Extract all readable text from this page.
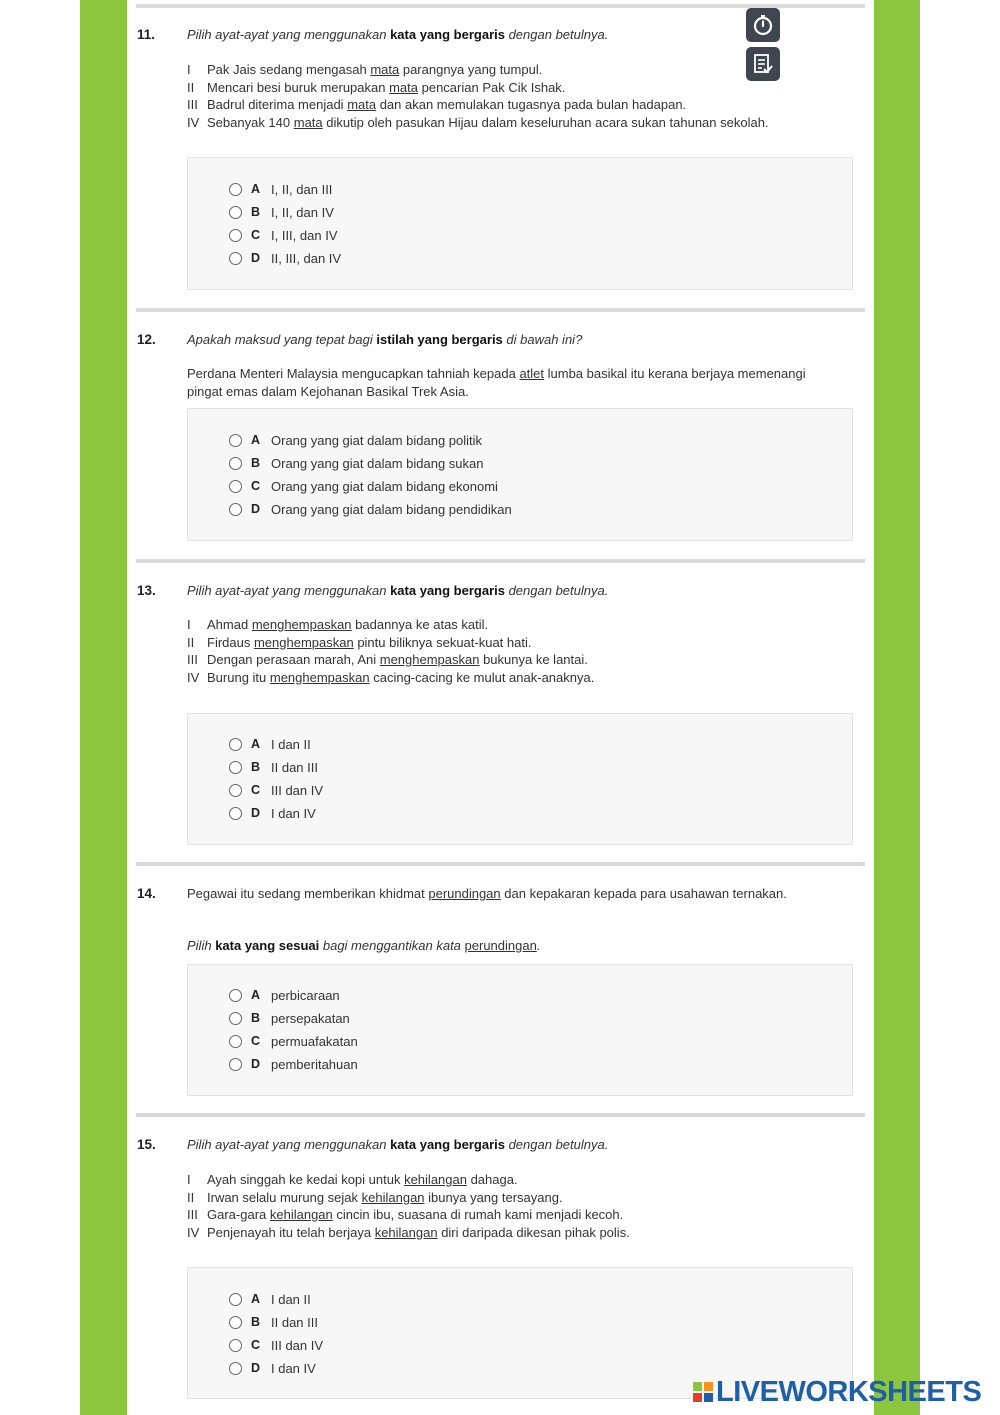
11. Pilih ayat-ayat yang menggunakan kata yang bergaris dengan betulnya.
I Pak Jais sedang mengasah mata parangnya yang tumpul.
II Mencari besi buruk merupakan mata pencarian Pak Cik Ishak.
III Badrul diterima menjadi mata dan akan memulakan tugasnya pada bulan hadapan.
IV Sebanyak 140 mata dikutip oleh pasukan Hijau dalam keseluruhan acara sukan tahunan sekolah.
A I, II, dan III
B I, II, dan IV
C I, III, dan IV
D II, III, dan IV
12. Apakah maksud yang tepat bagi istilah yang bergaris di bawah ini?
Perdana Menteri Malaysia mengucapkan tahniah kepada atlet lumba basikal itu kerana berjaya memenangi pingat emas dalam Kejohanan Basikal Trek Asia.
A Orang yang giat dalam bidang politik
B Orang yang giat dalam bidang sukan
C Orang yang giat dalam bidang ekonomi
D Orang yang giat dalam bidang pendidikan
13. Pilih ayat-ayat yang menggunakan kata yang bergaris dengan betulnya.
I Ahmad menghempaskan badannya ke atas katil.
II Firdaus menghempaskan pintu biliknya sekuat-kuat hati.
III Dengan perasaan marah, Ani menghempaskan bukunya ke lantai.
IV Burung itu menghempaskan cacing-cacing ke mulut anak-anaknya.
A I dan II
B II dan III
C III dan IV
D I dan IV
14. Pegawai itu sedang memberikan khidmat perundingan dan kepakaran kepada para usahawan ternakan.
Pilih kata yang sesuai bagi menggantikan kata perundingan.
A perbicaraan
B persepakatan
C permuafakatan
D pemberitahuan
15. Pilih ayat-ayat yang menggunakan kata yang bergaris dengan betulnya.
I Ayah singgah ke kedai kopi untuk kehilangan dahaga.
II Irwan selalu murung sejak kehilangan ibunya yang tersayang.
III Gara-gara kehilangan cincin ibu, suasana di rumah kami menjadi kecoh.
IV Penjenayah itu telah berjaya kehilangan diri daripada dikesan pihak polis.
A I dan II
B II dan III
C III dan IV
D I dan IV
LIVEWORKSHEETS
